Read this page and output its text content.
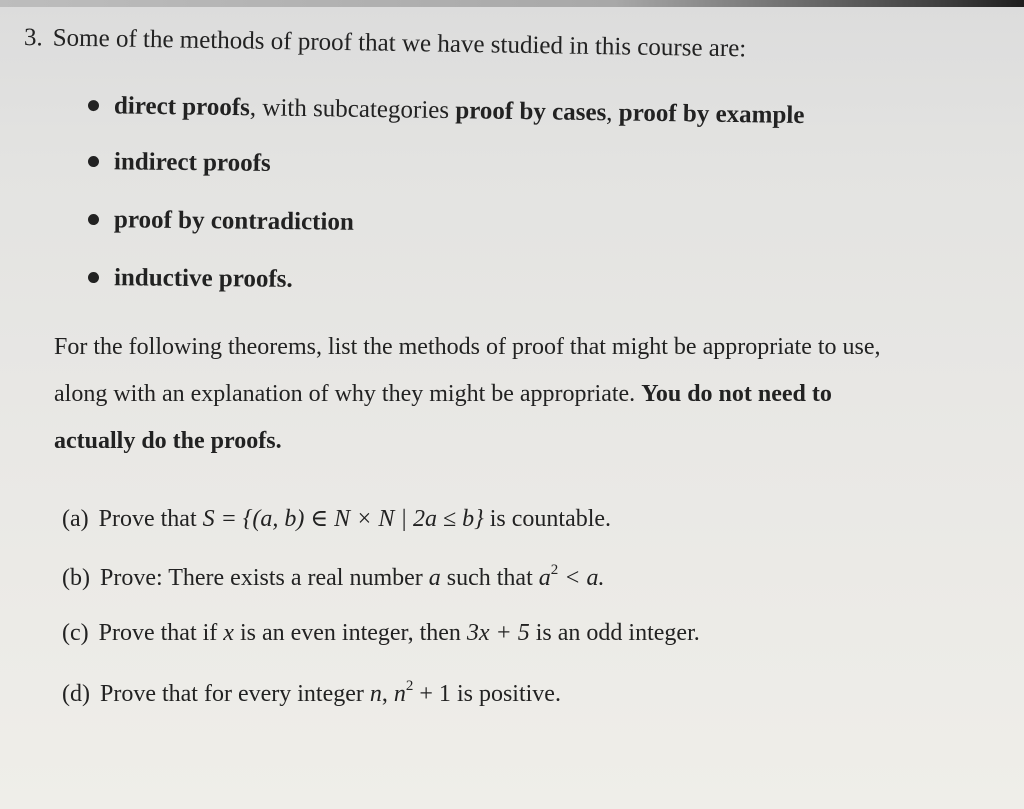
3. Some of the methods of proof that we have studied in this course are:
direct proofs, with subcategories proof by cases, proof by example
indirect proofs
proof by contradiction
inductive proofs.
For the following theorems, list the methods of proof that might be appropriate to use,
along with an explanation of why they might be appropriate. You do not need to
actually do the proofs.
(a) Prove that S = {(a, b) ∈ N × N | 2a ≤ b} is countable.
(b) Prove: There exists a real number a such that $a^2 < a$.
(c) Prove that if x is an even integer, then 3x + 5 is an odd integer.
(d) Prove that for every integer n, $n^2 + 1$ is positive.
